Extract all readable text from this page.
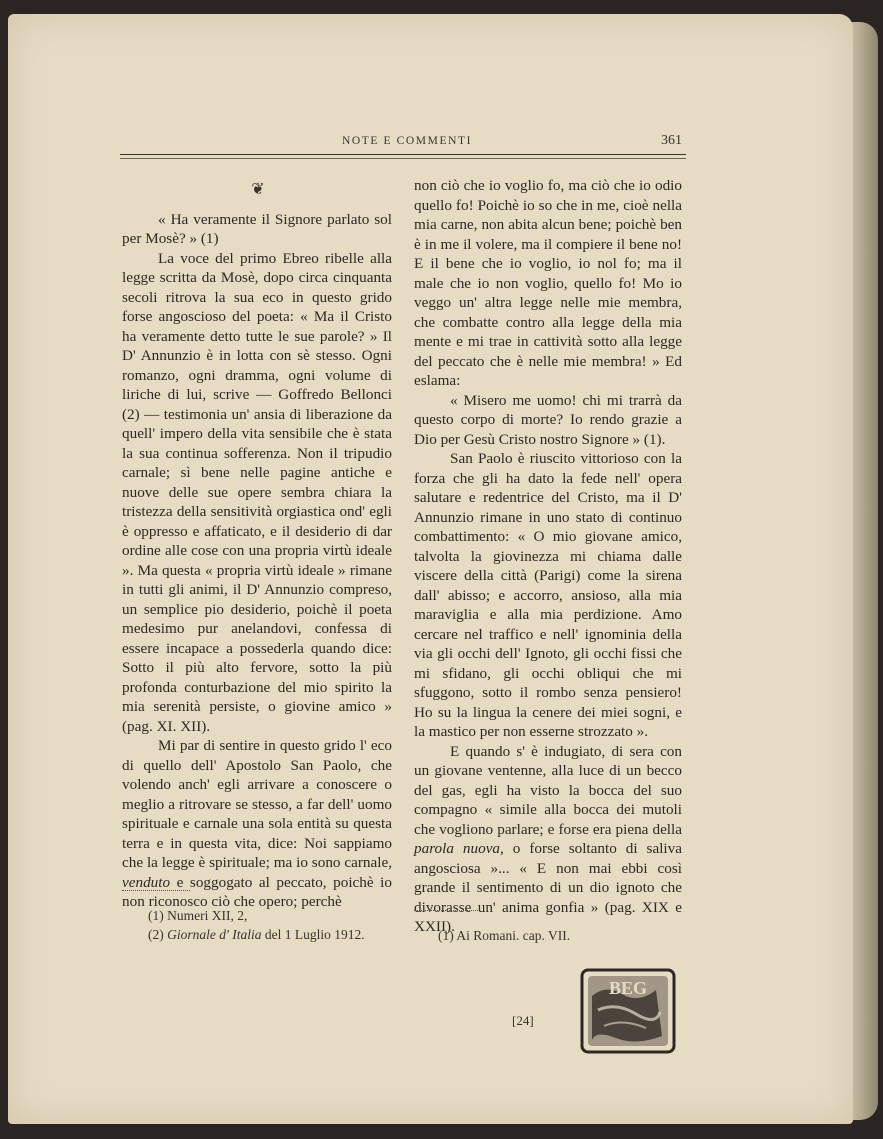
NOTE E COMMENTI	361
❦

« Ha veramente il Signore parlato sol per Mosè? » (1)

La voce del primo Ebreo ribelle alla legge scritta da Mosè, dopo circa cinquanta secoli ritrova la sua eco in questo grido forse angoscioso del poeta: « Ma il Cristo ha veramente detto tutte le sue parole? » Il D' Annunzio è in lotta con sè stesso. Ogni romanzo, ogni dramma, ogni volume di liriche di lui, scrive — Goffredo Bellonci (2) — testimonia un' ansia di liberazione da quell' impero della vita sensibile che è stata la sua continua sofferenza. Non il tripudio carnale; sì bene nelle pagine antiche e nuove delle sue opere sembra chiara la tristezza della sensitività orgiastica ond' egli è oppresso e affaticato, e il desiderio di dar ordine alle cose con una propria virtù ideale ». Ma questa « propria virtù ideale » rimane in tutti gli animi, il D' Annunzio compreso, un semplice pio desiderio, poichè il poeta medesimo pur anelandovi, confessa di essere incapace a possederla quando dice: Sotto il più alto fervore, sotto la più profonda conturbazione del mio spirito la mia serenità persiste, o giovine amico » (pag. XI. XII).

Mi par di sentire in questo grido l' eco di quello dell' Apostolo San Paolo, che volendo anch' egli arrivare a conoscere o meglio a ritrovare se stesso, a far dell' uomo spirituale e carnale una sola entità su questa terra e in questa vita, dice: Noi sappiamo che la legge è spirituale; ma io sono carnale, venduto e soggogato al peccato, poichè io non riconosco ciò che opero; perchè

non ciò che io voglio fo, ma ciò che io odio quello fo! Poichè io so che in me, cioè nella mia carne, non abita alcun bene; poichè ben è in me il volere, ma il compiere il bene no! E il bene che io voglio, io nol fo; ma il male che io non voglio, quello fo! Mo io veggo un' altra legge nelle mie membra, che combatte contro alla legge della mia mente e mi trae in cattività sotto alla legge del peccato che è nelle mie membra! » Ed eslama:

« Misero me uomo! chi mi trarrà da questo corpo di morte? Io rendo grazie a Dio per Gesù Cristo nostro Signore » (1).

San Paolo è riuscito vittorioso con la forza che gli ha dato la fede nell' opera salutare e redentrice del Cristo, ma il D' Annunzio rimane in uno stato di continuo combattimento: « O mio giovane amico, talvolta la giovinezza mi chiama dalle viscere della città (Parigi) come la sirena dall' abisso; e accorro, ansioso, alla mia maraviglia e alla mia perdizione. Amo cercare nel traffico e nell' ignominia della via gli occhi dell' Ignoto, gli occhi fissi che mi sfidano, gli occhi obliqui che mi sfuggono, sotto il rombo senza pensiero! Ho su la lingua la cenere dei miei sogni, e la mastico per non esserne strozzato ».

E quando s' è indugiato, di sera con un giovane ventenne, alla luce di un becco del gas, egli ha visto la bocca del suo compagno « simile alla bocca dei mutoli che vogliono parlare; e forse era piena della parola nuova, o forse soltanto di saliva angosciosa »... « E non mai ebbi così grande il sentimento di un dio ignoto che divorasse un' anima gonfia » (pag. XIX e XXII).

(1) Numeri XII, 2,
(2) Giornale d' Italia del 1 Luglio 1912.	(1) Ai Romani. cap. VII.
[24]
BEG
